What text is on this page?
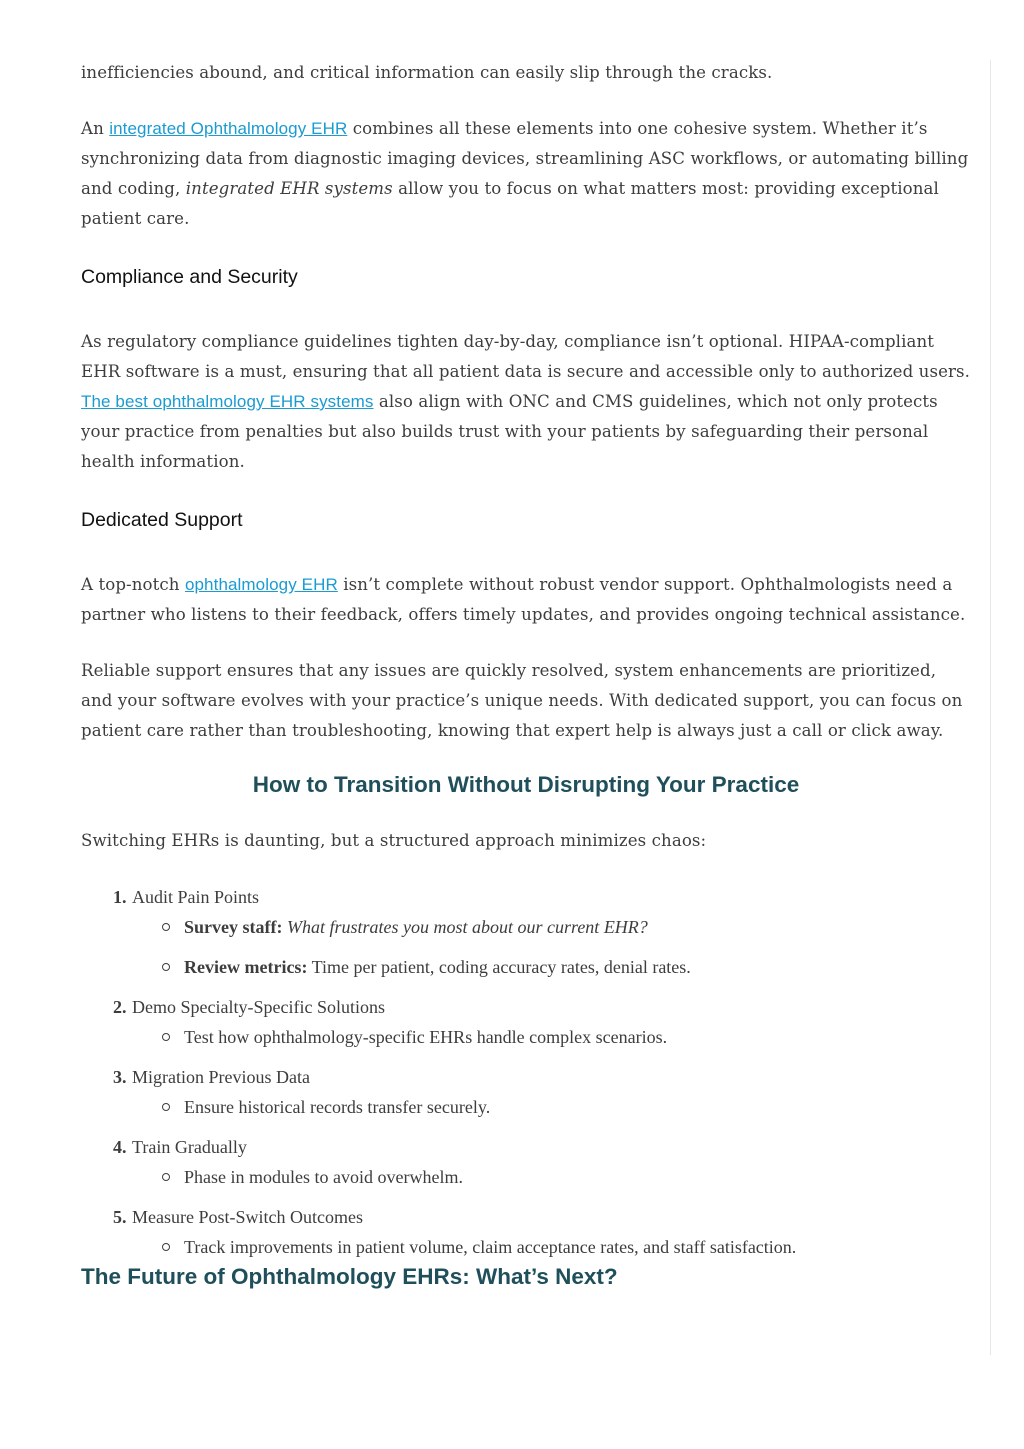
inefficiencies abound, and critical information can easily slip through the cracks.

An integrated Ophthalmology EHR combines all these elements into one cohesive system. Whether it’s synchronizing data from diagnostic imaging devices, streamlining ASC workflows, or automating billing and coding, integrated EHR systems allow you to focus on what matters most: providing exceptional patient care.

Compliance and Security

As regulatory compliance guidelines tighten day-by-day, compliance isn’t optional. HIPAA-compliant EHR software is a must, ensuring that all patient data is secure and accessible only to authorized users. The best ophthalmology EHR systems also align with ONC and CMS guidelines, which not only protects your practice from penalties but also builds trust with your patients by safeguarding their personal health information.

Dedicated Support

A top-notch ophthalmology EHR isn’t complete without robust vendor support. Ophthalmologists need a partner who listens to their feedback, offers timely updates, and provides ongoing technical assistance.

Reliable support ensures that any issues are quickly resolved, system enhancements are prioritized, and your software evolves with your practice’s unique needs. With dedicated support, you can focus on patient care rather than troubleshooting, knowing that expert help is always just a call or click away.

How to Transition Without Disrupting Your Practice

Switching EHRs is daunting, but a structured approach minimizes chaos:

1. Audit Pain Points
Survey staff: What frustrates you most about our current EHR?
Review metrics: Time per patient, coding accuracy rates, denial rates.
2. Demo Specialty-Specific Solutions
Test how ophthalmology-specific EHRs handle complex scenarios.
3. Migration Previous Data
Ensure historical records transfer securely.
4. Train Gradually
Phase in modules to avoid overwhelm.
5. Measure Post-Switch Outcomes
Track improvements in patient volume, claim acceptance rates, and staff satisfaction.
The Future of Ophthalmology EHRs: What’s Next?
